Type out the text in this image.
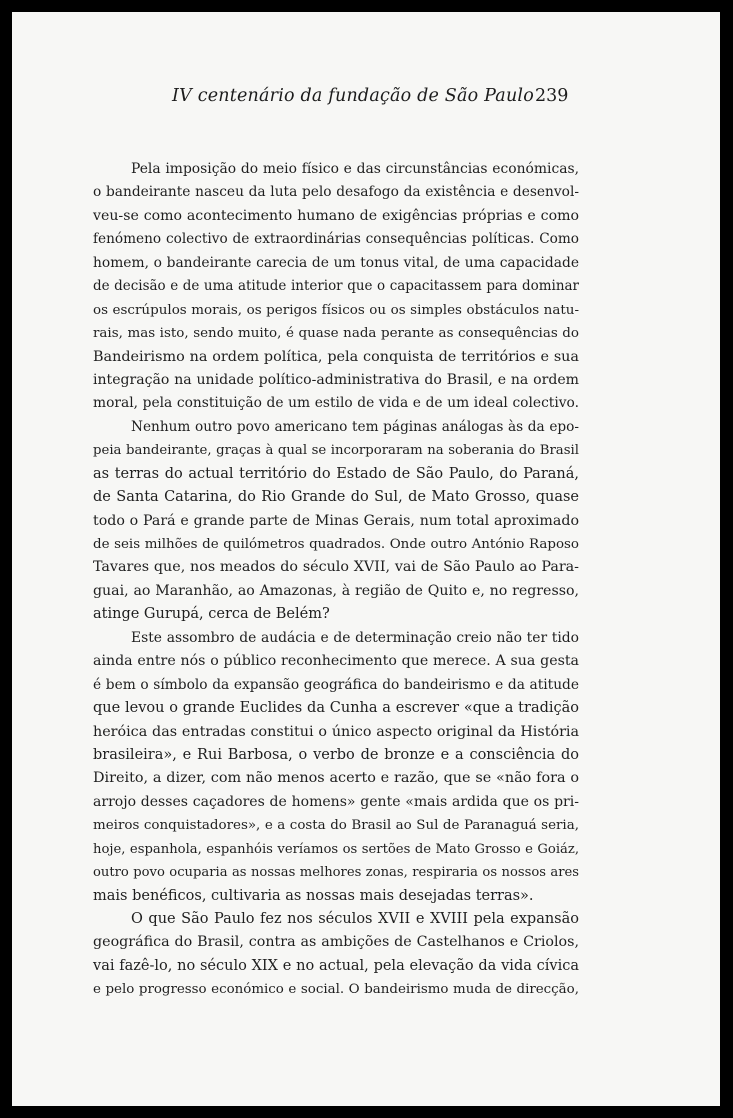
IV centenário da fundação de São Paulo 239
Pela imposição do meio físico e das circunstâncias económicas,
o bandeirante nasceu da luta pelo desafogo da existência e desenvol-
veu-se como acontecimento humano de exigências próprias e como
fenómeno colectivo de extraordinárias consequências políticas. Como
homem, o bandeirante carecia de um tonus vital, de uma capacidade
de decisão e de uma atitude interior que o capacitassem para dominar
os escrúpulos morais, os perigos físicos ou os simples obstáculos natu-
rais, mas isto, sendo muito, é quase nada perante as consequências do
Bandeirismo na ordem política, pela conquista de territórios e sua
integração na unidade político-administrativa do Brasil, e na ordem
moral, pela constituição de um estilo de vida e de um ideal colectivo.
Nenhum outro povo americano tem páginas análogas às da epo-
peia bandeirante, graças à qual se incorporaram na soberania do Brasil
as terras do actual território do Estado de São Paulo, do Paraná,
de Santa Catarina, do Rio Grande do Sul, de Mato Grosso, quase
todo o Pará e grande parte de Minas Gerais, num total aproximado
de seis milhões de quilómetros quadrados. Onde outro António Raposo
Tavares que, nos meados do século XVII, vai de São Paulo ao Para-
guai, ao Maranhão, ao Amazonas, à região de Quito e, no regresso,
atinge Gurupá, cerca de Belém?
Este assombro de audácia e de determinação creio não ter tido
ainda entre nós o público reconhecimento que merece. A sua gesta
é bem o símbolo da expansão geográfica do bandeirismo e da atitude
que levou o grande Euclides da Cunha a escrever «que a tradição
heróica das entradas constitui o único aspecto original da História
brasileira», e Rui Barbosa, o verbo de bronze e a consciência do
Direito, a dizer, com não menos acerto e razão, que se «não fora o
arrojo desses caçadores de homens» gente «mais ardida que os pri-
meiros conquistadores», e a costa do Brasil ao Sul de Paranaguá seria,
hoje, espanhola, espanhóis veríamos os sertões de Mato Grosso e Goiáz,
outro povo ocuparia as nossas melhores zonas, respiraria os nossos ares
mais benéficos, cultivaria as nossas mais desejadas terras».
O que São Paulo fez nos séculos XVII e XVIII pela expansão
geográfica do Brasil, contra as ambições de Castelhanos e Criolos,
vai fazê-lo, no século XIX e no actual, pela elevação da vida cívica
e pelo progresso económico e social. O bandeirismo muda de direcção,
